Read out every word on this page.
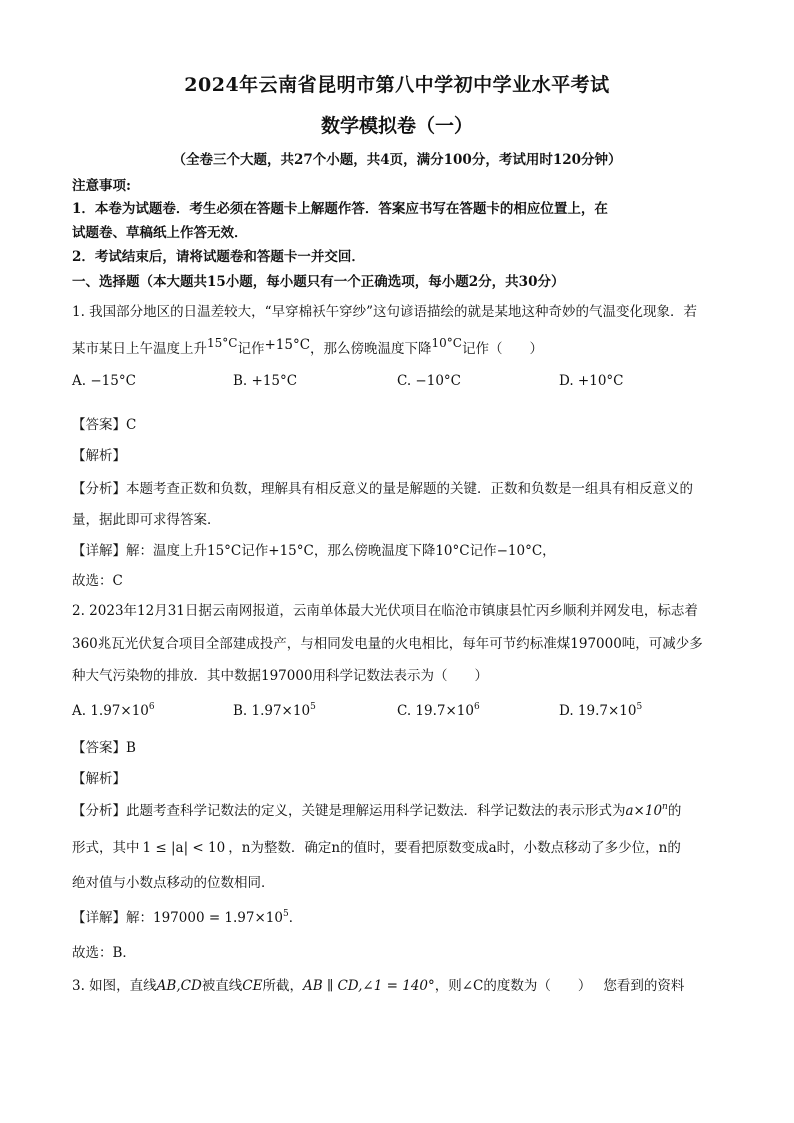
2024年云南省昆明市第八中学初中学业水平考试
数学模拟卷（一）
（全卷三个大题，共27个小题，共4页，满分100分，考试用时120分钟）
注意事项:
1．本卷为试题卷．考生必须在答题卡上解题作答．答案应书写在答题卡的相应位置上，在
试题卷、草稿纸上作答无效．
2．考试结束后，请将试题卷和答题卡一并交回．
一、选择题（本大题共15小题，每小题只有一个正确选项，每小题2分，共30分）
1. 我国部分地区的日温差较大，“早穿棉袄午穿纱”这句谚语描绘的就是某地这种奇妙的气温变化现象．若
某市某日上午温度上升15°C记作+15°C，那么傍晚温度下降10°C记作（　　）
A. −15°C	B. +15°C	C. −10°C	D. +10°C
【答案】C
【解析】
【分析】本题考查正数和负数，理解具有相反意义的量是解题的关键．正数和负数是一组具有相反意义的
量，据此即可求得答案．
【详解】解：温度上升15°C记作+15°C，那么傍晚温度下降10°C记作−10°C，
故选：C
2. 2023年12月31日据云南网报道，云南单体最大光伏项目在临沧市镇康县忙丙乡顺利并网发电，标志着
360兆瓦光伏复合项目全部建成投产，与相同发电量的火电相比，每年可节约标准煤197000吨，可减少多
种大气污染物的排放．其中数据197000用科学记数法表示为（　　）
A. $1.97\times 10^6$	B. $1.97\times 10^5$	C. $19.7\times 10^6$	D. $19.7\times 10^5$
【答案】B
【解析】
【分析】此题考查科学记数法的定义，关键是理解运用科学记数法．科学记数法的表示形式为$a\times 10^n$的
形式，其中 1 ≤ |a| < 10 ，n为整数．确定n的值时，要看把原数变成a时，小数点移动了多少位，n的
绝对值与小数点移动的位数相同．
【详解】解：$197000 = 1.97\times 10^5$．
故选：B．
3. 如图，直线AB,CD被直线CE所截，AB ∥ CD,∠1 = 140°，则∠C的度数为（　　） 您看到的资料
